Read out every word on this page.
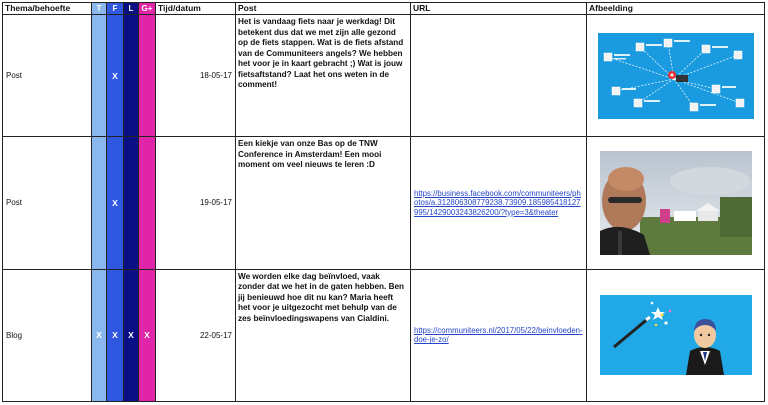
Thema/behoefte	T	F	L	G+	Tijd/datum	Post	URL	Afbeelding
Post		X			18-05-17	Het is vandaag fiets naar je werkdag! Dit betekent dus dat we met zijn alle gezond op de fiets stappen. Wat is de fiets afstand van de Communiteers angels? We hebben het voor je in kaart gebracht ;) Wat is jouw fietsaftstand? Laat het ons weten in de comment!	

Post		X			19-05-17	Een kiekje van onze Bas op de TNW Conference in Amsterdam! Een mooi moment om veel nieuws te leren :D	https://business.facebook.com/communiteers/photos/a.312806308779238.73909.185985418127995/1429003243826200/?type=3&theater

Blog	X	X	X	X	22-05-17	We worden elke dag beïnvloed, vaak zonder dat we het in de gaten hebben. Ben jij benieuwd hoe dit nu kan? Maria heeft het voor je uitgezocht met behulp van de zes beïnvloedingswapens van Cialdini.	https://communiteers.nl/2017/05/22/beinvloeden-doe-je-zo/
